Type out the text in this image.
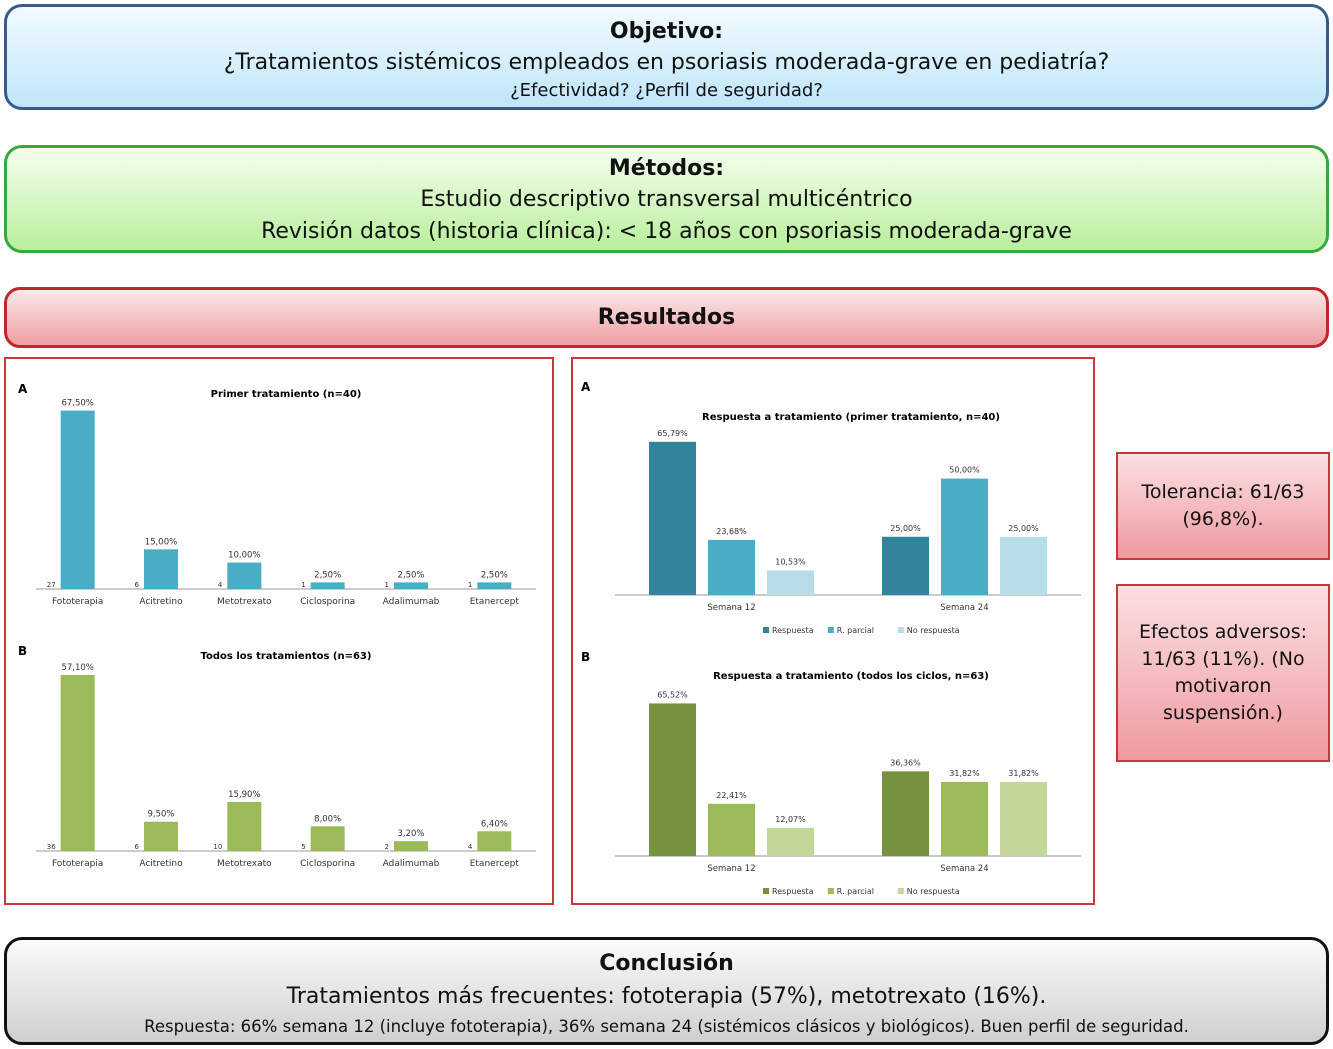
Objetivo:
¿Tratamientos sistémicos empleados en psoriasis moderada-grave en pediatría?
¿Efectividad? ¿Perfil de seguridad?
Métodos:
Estudio descriptivo transversal multicéntrico
Revisión datos (historia clínica): < 18 años con psoriasis moderada-grave
Resultados
A	Primer tratamiento (n=40)
67,50%
27
Fototerapia
15,00%
6
Acitretino
10,00%
4
Metotrexato
2,50%
1
Ciclosporina
2,50%
1
Adalimumab
2,50%
1
Etanercept
B	Todos los tratamientos (n=63)
57,10%
36
Fototerapia
9,50%
6
Acitretino
15,90%
10
Metotrexato
8,00%
5
Ciclosporina
3,20%
2
Adalimumab
6,40%
4
Etanercept
A
Respuesta a tratamiento (primer tratamiento, n=40)
65,79%
23,68%
10,53%
Semana 12
25,00%
50,00%
25,00%
Semana 24
Respuesta	R. parcial	No respuesta
B
Respuesta a tratamiento (todos los ciclos, n=63)
65,52%
22,41%
12,07%
Semana 12
36,36%
31,82%	31,82%
Semana 24
Respuesta	R. parcial	No respuesta
Tolerancia: 61/63 (96,8%).
Efectos adversos: 11/63 (11%). (No motivaron suspensión.)
Conclusión
Tratamientos más frecuentes: fototerapia (57%), metotrexato (16%).
Respuesta: 66% semana 12 (incluye fototerapia), 36% semana 24 (sistémicos clásicos y biológicos). Buen perfil de seguridad.
